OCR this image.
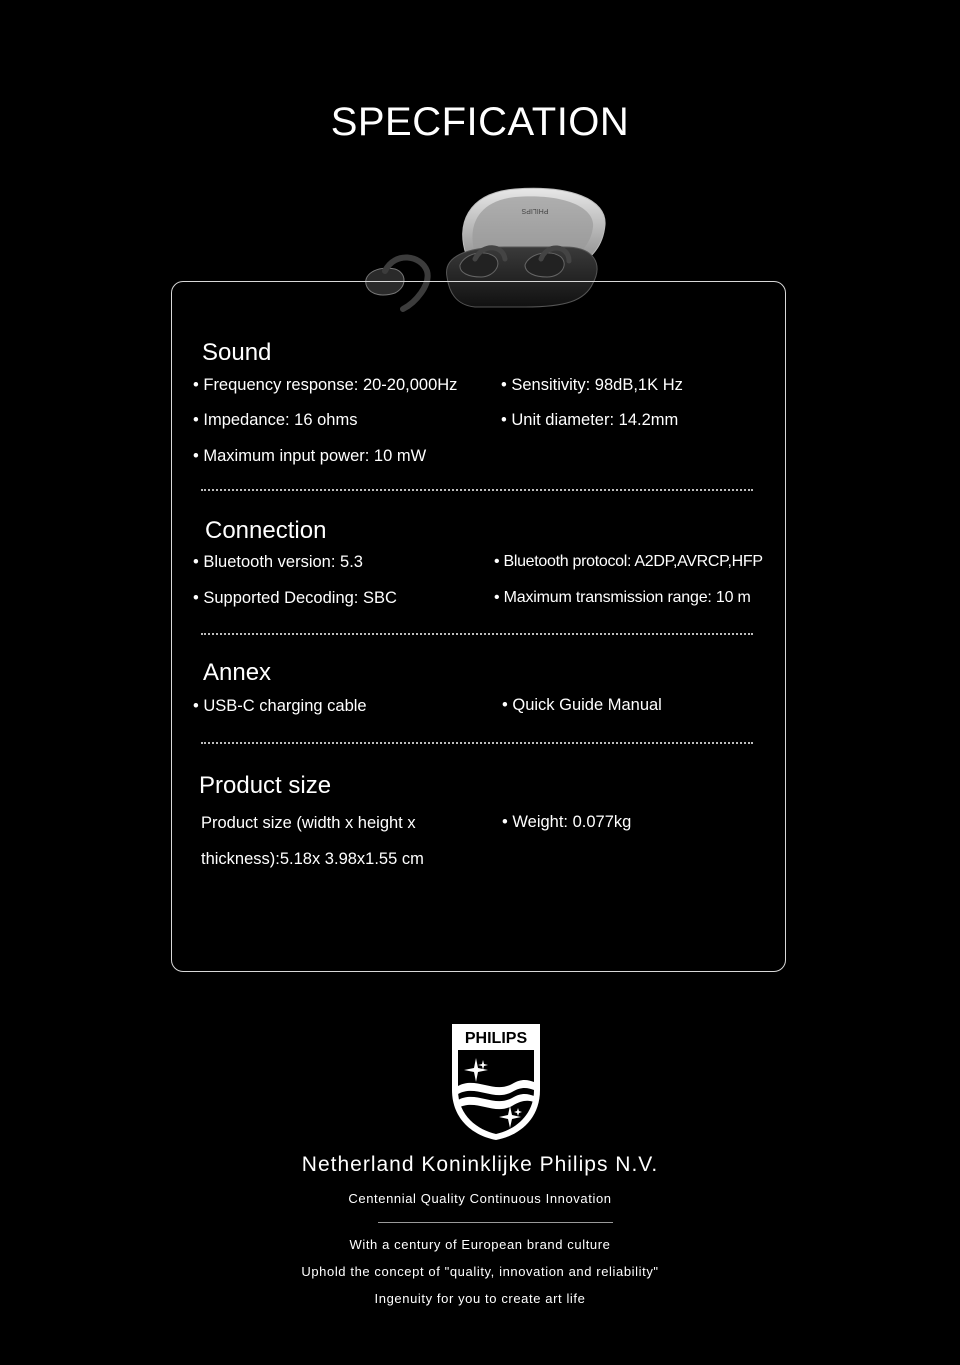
SPECFICATION
PHILIPS
Sound
• Frequency response: 20-20,000Hz	• Sensitivity: 98dB,1K Hz
• Impedance: 16 ohms	• Unit diameter: 14.2mm
• Maximum input power: 10 mW
Connection
• Bluetooth version: 5.3	• Bluetooth protocol: A2DP,AVRCP,HFP
• Supported Decoding: SBC	• Maximum transmission range: 10 m
Annex
• USB-C charging cable	• Quick Guide Manual
Product size
Product size (width x height x
thickness):5.18x 3.98x1.55 cm
• Weight: 0.077kg
PHILIPS
Netherland Koninklijke Philips N.V.
Centennial Quality Continuous Innovation
With a century of European brand culture
Uphold the concept of "quality, innovation and reliability"
Ingenuity for you to create art life
